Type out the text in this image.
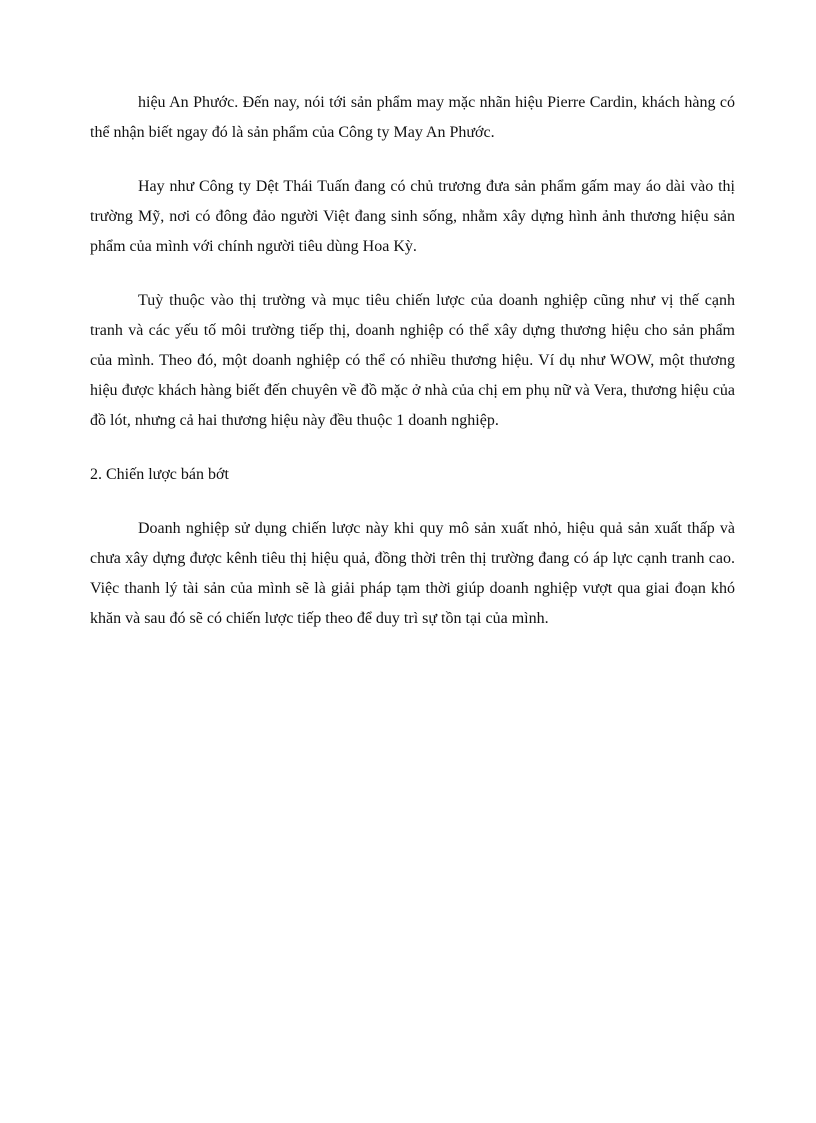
hiệu An Phước. Đến nay, nói tới sản phẩm may mặc nhãn hiệu Pierre Cardin, khách hàng có thể nhận biết ngay đó là sản phẩm của Công ty May An Phước.

Hay như Công ty Dệt Thái Tuấn đang có chủ trương đưa sản phẩm gấm may áo dài vào thị trường Mỹ, nơi có đông đảo người Việt đang sinh sống, nhằm xây dựng hình ảnh thương hiệu sản phẩm của mình với chính người tiêu dùng Hoa Kỳ.

Tuỳ thuộc vào thị trường và mục tiêu chiến lược của doanh nghiệp cũng như vị thế cạnh tranh và các yếu tố môi trường tiếp thị, doanh nghiệp có thể xây dựng thương hiệu cho sản phẩm của mình. Theo đó, một doanh nghiệp có thể có nhiều thương hiệu. Ví dụ như WOW, một thương hiệu được khách hàng biết đến chuyên về đồ mặc ở nhà của chị em phụ nữ và Vera, thương hiệu của đồ lót, nhưng cả hai thương hiệu này đều thuộc 1 doanh nghiệp.

2. Chiến lược bán bớt

Doanh nghiệp sử dụng chiến lược này khi quy mô sản xuất nhỏ, hiệu quả sản xuất thấp và chưa xây dựng được kênh tiêu thị hiệu quả, đồng thời trên thị trường đang có áp lực cạnh tranh cao. Việc thanh lý tài sản của mình sẽ là giải pháp tạm thời giúp doanh nghiệp vượt qua giai đoạn khó khăn và sau đó sẽ có chiến lược tiếp theo để duy trì sự tồn tại của mình.
